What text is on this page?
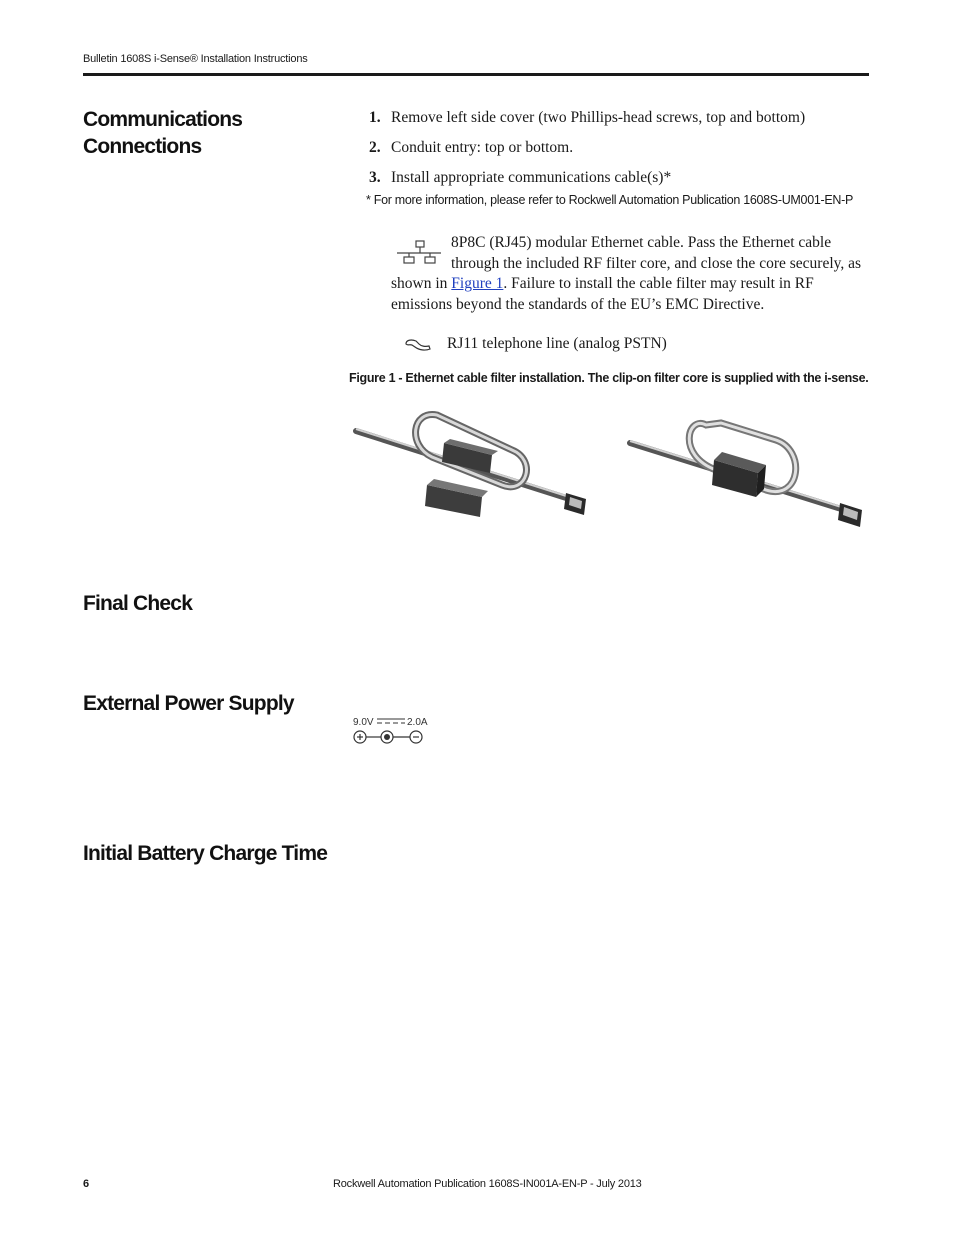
Bulletin 1608S i-Sense® Installation Instructions
Communications
Connections
1. Remove left side cover (two Phillips-head screws, top and bottom)
2. Conduit entry: top or bottom.
3. Install appropriate communications cable(s)*
* For more information, please refer to Rockwell Automation Publication 1608S-UM001-EN-P
8P8C (RJ45) modular Ethernet cable. Pass the Ethernet cable through the included RF filter core, and close the core securely, as shown in Figure 1. Failure to install the cable filter may result in RF emissions beyond the standards of the EU’s EMC Directive.
RJ11 telephone line (analog PSTN)
Figure 1 - Ethernet cable filter installation. The clip-on filter core is supplied with the i-sense.
Final Check
External Power Supply
9.0V	2.0A
Initial Battery Charge Time
6	Rockwell Automation Publication 1608S-IN001A-EN-P - July 2013
